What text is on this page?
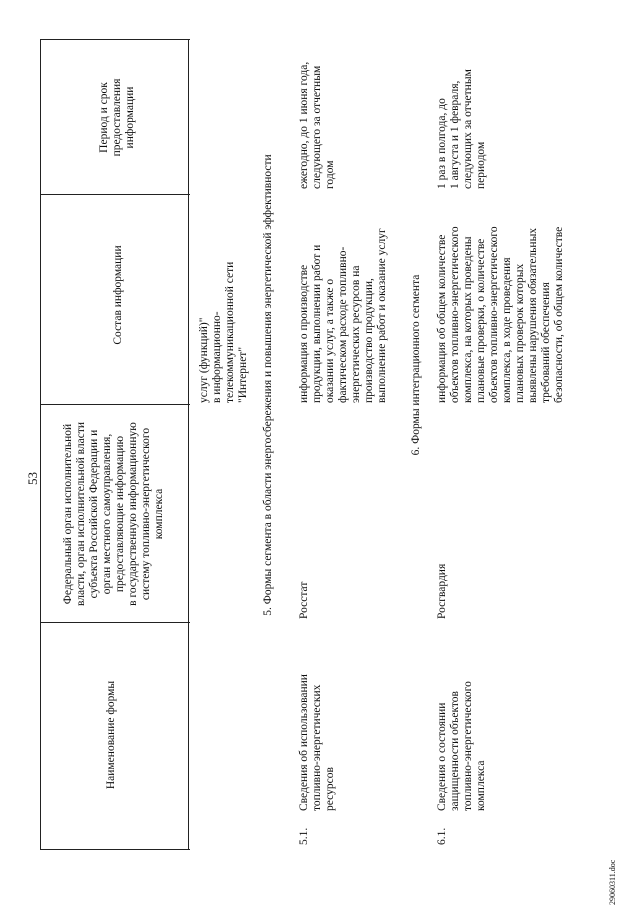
53
Наименование формы
Федеральный орган исполнительной
власти, орган исполнительной власти
субъекта Российской Федерации и
орган местного самоуправления,
предоставляющие информацию
в государственную информационную
систему топливно-энергетического
комплекса
Состав информации
Период и срок
предоставления
информации
услуг (функций)"
в информационно-
телекоммуникационной сети
"Интернет" 5. Формы сегмента в области энергосбережения и повышения энергетической эффективности
5.1.
Сведения об использовании
топливно-энергетических
ресурсов
Росстат
информация о производстве
продукции, выполнении работ и
оказании услуг, а также о
фактическом расходе топливно-
энергетических ресурсов на
производство продукции,
выполнение работ и оказание услуг
ежегодно, до 1 июня года,
следующего за отчетным
годом
6. Формы интеграционного сегмента
6.1.
Сведения о состоянии
защищенности объектов
топливно-энергетического
комплекса
Росгвардия
информация об общем количестве
объектов топливно-энергетического
комплекса, на которых проведены
плановые проверки, о количестве
объектов топливно-энергетического
комплекса, в ходе проведения
плановых проверок которых
выявлены нарушения обязательных
требований обеспечения
безопасности, об общем количестве
1 раз в полгода, до
1 августа и 1 февраля,
следующих за отчетным
периодом
29060311.doc
